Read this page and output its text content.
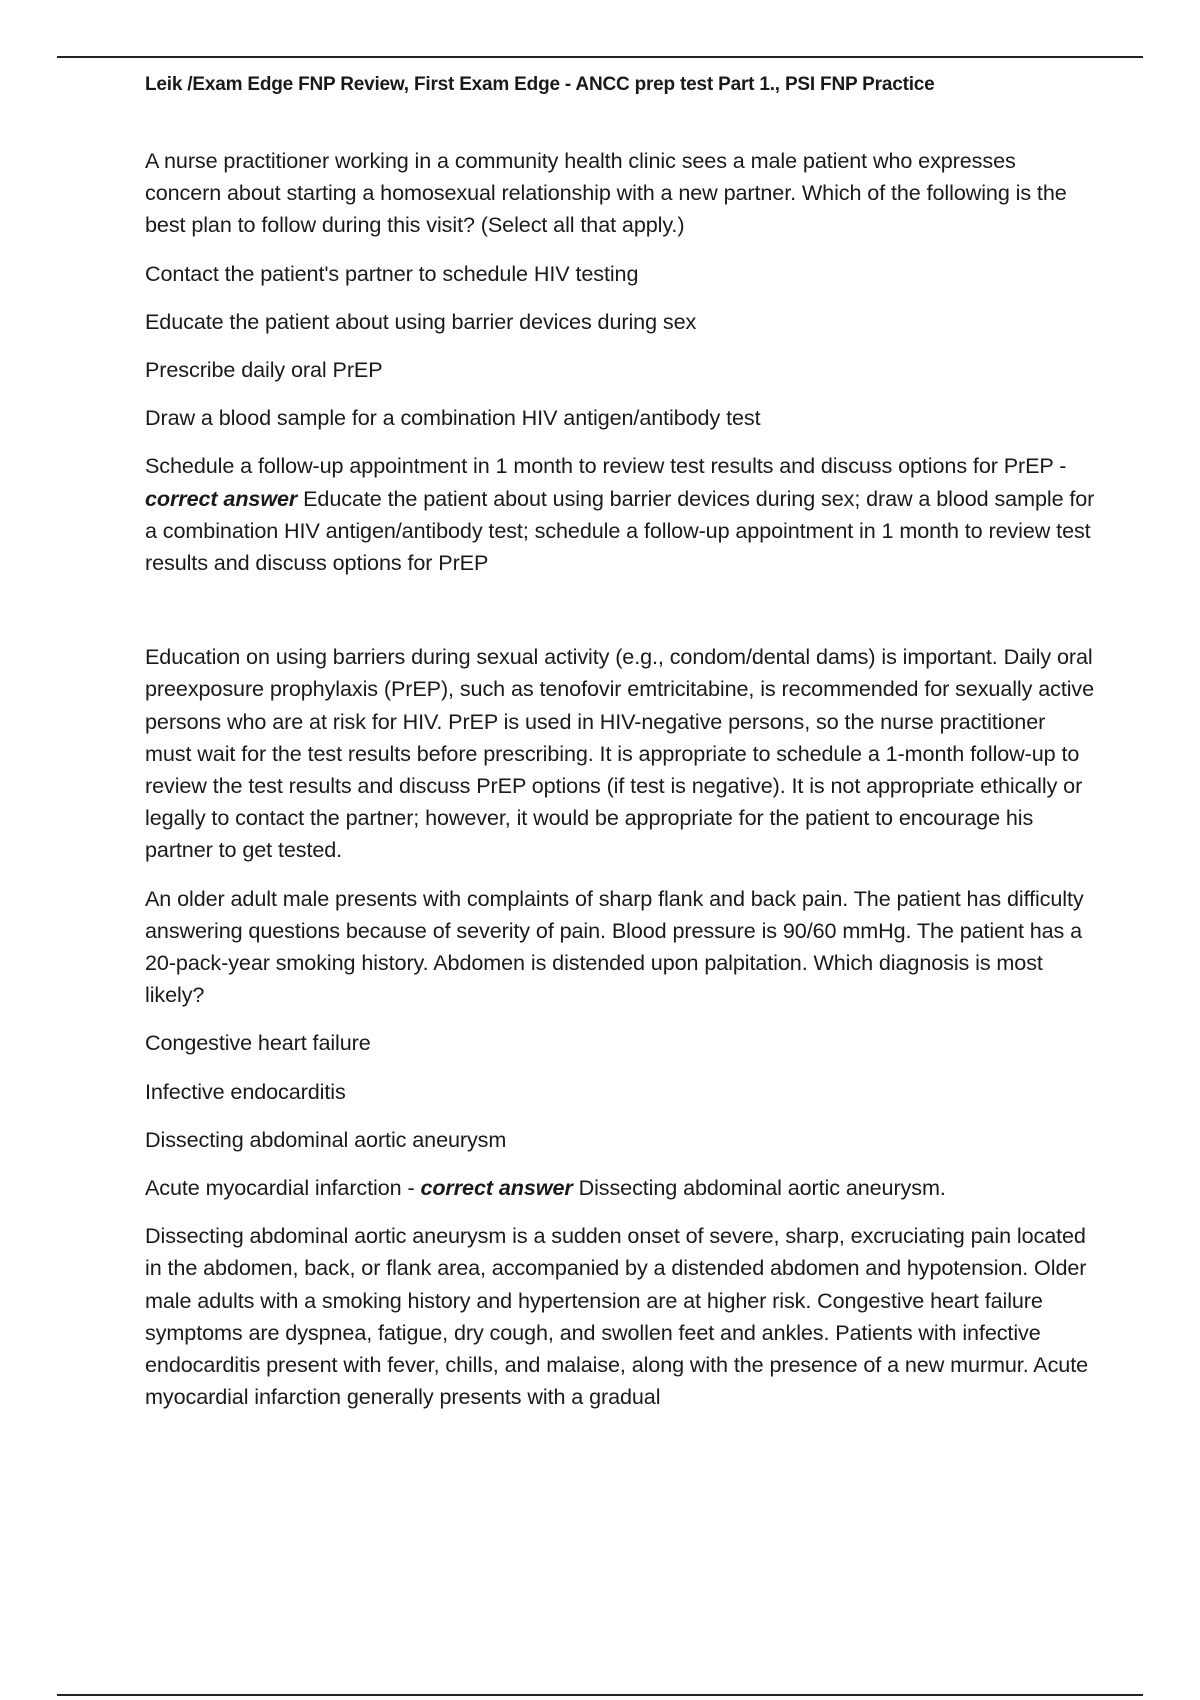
Leik /Exam Edge FNP Review, First Exam Edge - ANCC prep test Part 1., PSI FNP Practice

A nurse practitioner working in a community health clinic sees a male patient who expresses concern about starting a homosexual relationship with a new partner. Which of the following is the best plan to follow during this visit? (Select all that apply.)

Contact the patient's partner to schedule HIV testing

Educate the patient about using barrier devices during sex

Prescribe daily oral PrEP

Draw a blood sample for a combination HIV antigen/antibody test

Schedule a follow-up appointment in 1 month to review test results and discuss options for PrEP - correct answer Educate the patient about using barrier devices during sex; draw a blood sample for a combination HIV antigen/antibody test; schedule a follow-up appointment in 1 month to review test results and discuss options for PrEP

Education on using barriers during sexual activity (e.g., condom/dental dams) is important. Daily oral preexposure prophylaxis (PrEP), such as tenofovir emtricitabine, is recommended for sexually active persons who are at risk for HIV. PrEP is used in HIV-negative persons, so the nurse practitioner must wait for the test results before prescribing. It is appropriate to schedule a 1-month follow-up to review the test results and discuss PrEP options (if test is negative). It is not appropriate ethically or legally to contact the partner; however, it would be appropriate for the patient to encourage his partner to get tested.

An older adult male presents with complaints of sharp flank and back pain. The patient has difficulty answering questions because of severity of pain. Blood pressure is 90/60 mmHg. The patient has a 20-pack-year smoking history. Abdomen is distended upon palpitation. Which diagnosis is most likely?

Congestive heart failure

Infective endocarditis

Dissecting abdominal aortic aneurysm

Acute myocardial infarction - correct answer Dissecting abdominal aortic aneurysm.

Dissecting abdominal aortic aneurysm is a sudden onset of severe, sharp, excruciating pain located in the abdomen, back, or flank area, accompanied by a distended abdomen and hypotension. Older male adults with a smoking history and hypertension are at higher risk. Congestive heart failure symptoms are dyspnea, fatigue, dry cough, and swollen feet and ankles. Patients with infective endocarditis present with fever, chills, and malaise, along with the presence of a new murmur. Acute myocardial infarction generally presents with a gradual
